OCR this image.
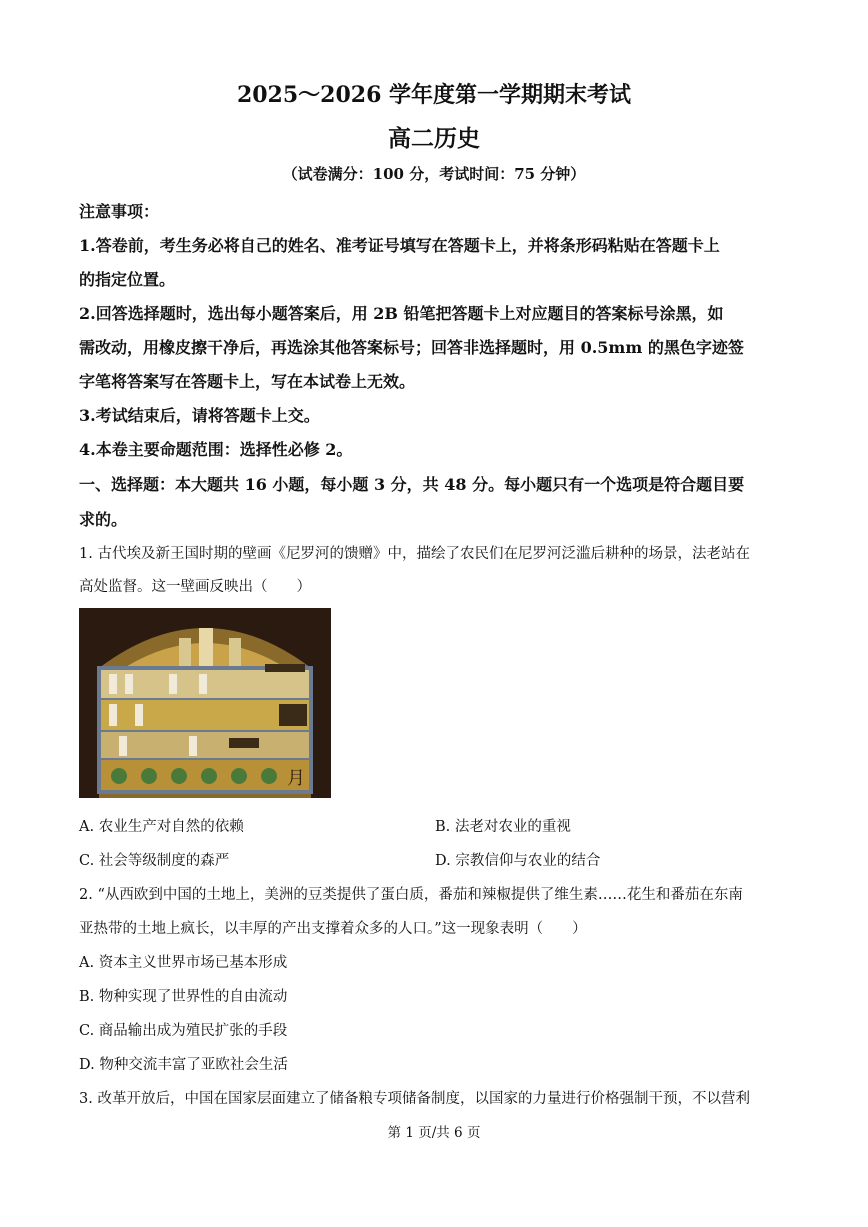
2025～2026 学年度第一学期期末考试
高二历史
（试卷满分：100 分，考试时间：75 分钟）
注意事项：
1.答卷前，考生务必将自己的姓名、准考证号填写在答题卡上，并将条形码粘贴在答题卡上
的指定位置。
2.回答选择题时，选出每小题答案后，用 2B 铅笔把答题卡上对应题目的答案标号涂黑，如
需改动，用橡皮擦干净后，再选涂其他答案标号；回答非选择题时，用 0.5mm 的黑色字迹签
字笔将答案写在答题卡上，写在本试卷上无效。
3.考试结束后，请将答题卡上交。
4.本卷主要命题范围：选择性必修 2。
一、选择题：本大题共 16 小题，每小题 3 分，共 48 分。每小题只有一个选项是符合题目要
求的。
1. 古代埃及新王国时期的壁画《尼罗河的馈赠》中，描绘了农民们在尼罗河泛滥后耕种的场景，法老站在
高处监督。这一壁画反映出（　　）
月
A. 农业生产对自然的依赖	B. 法老对农业的重视
C. 社会等级制度的森严	D. 宗教信仰与农业的结合
2. “从西欧到中国的土地上，美洲的豆类提供了蛋白质，番茄和辣椒提供了维生素……花生和番茄在东南
亚热带的土地上疯长，以丰厚的产出支撑着众多的人口。”这一现象表明（　　）
A. 资本主义世界市场已基本形成
B. 物种实现了世界性的自由流动
C. 商品输出成为殖民扩张的手段
D. 物种交流丰富了亚欧社会生活
3. 改革开放后，中国在国家层面建立了储备粮专项储备制度，以国家的力量进行价格强制干预，不以营利
第 1 页/共 6 页
